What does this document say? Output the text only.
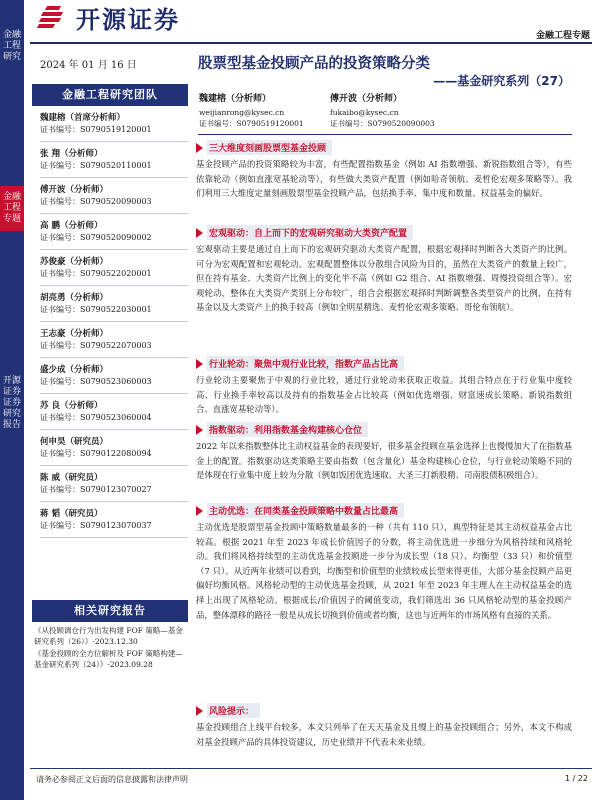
金融工程研究
金融工程专题
开源证券 证券研究报告
开源证券
金融工程专题
2024 年 01 月 16 日
金融工程研究团队
魏建榕（首席分析师）
证书编号：S0790519120001
张 翔（分析师）
证书编号：S0790520110001
傅开波（分析师）
证书编号：S0790520090003
高 鹏（分析师）
证书编号：S0790520090002
苏俊豪（分析师）
证书编号：S0790522020001
胡亮勇（分析师）
证书编号：S0790522030001
王志豪（分析师）
证书编号：S0790522070003
盛少成（分析师）
证书编号：S0790523060003
苏 良（分析师）
证书编号：S0790523060004
何申昊（研究员）
证书编号：S0790122080094
陈 威（研究员）
证书编号：S0790123070027
蒋 韬（研究员）
证书编号：S0790123070037
相关研究报告

《从投顾调仓行为出发构建 FOF 策略—基金研究系列（26）》-2023.12.30

《基金投顾的全方位解析及 FOF 策略构建—基金研究系列（24）》-2023.09.28

股票型基金投顾产品的投资策略分类
——基金研究系列（27）
魏建榕（分析师）
weijianrong@kysec.cn
证书编号：S0790519120001
傅开波（分析师）
fukaibo@kysec.cn
证书编号：S0790520090003
三大维度刻画股票型基金投顾

基金投顾产品的投资策略较为丰富，有些配置指数基金（例如 AI 指数增强、新锐指数组合等），有些依靠轮动（例如直涨宽基轮动等），有些做大类资产配置（例如哈奇领航、麦哲伦宏观多策略等）。我们利用三大维度定量刻画股票型基金投顾产品，包括换手率、集中度和数量、权益基金的偏好。

宏观驱动：自上而下的宏观研究驱动大类资产配置

宏观驱动主要是通过自上而下的宏观研究驱动大类资产配置，根据宏观择时判断各大类资产的比例。可分为宏观配置和宏观轮动。宏观配置整体以分散组合风险为目的，虽然在大类资产的数量上较广，但在持有基金、大类资产比例上的变化半不高（例如 G2 组合、AI 指数增强、周慢投资组合等）。宏观轮动，整体在大类资产类别上分布较广，组合会根据宏观择时判断调整各类型资产的比例，在持有基金以及大类资产上的换手较高（例如全明星精选、麦哲伦宏观多策略、哥伦布领航）。

行业轮动：聚焦中观行业比较，指数产品占比高

行业轮动主要聚焦于中观的行业比较，通过行业轮动来获取正收益。其组合特点在于行业集中度较高、行业换手率较高以及持有的指数基金占比较高（例如优选增强、财富速成长策略、新锐指数组合、直涨宽基轮动等）。

指数驱动：利用指数基金构建核心仓位

2022 年以来指数整体比主动权益基金的表现要好，很多基金投顾在基金选择上也慢慢加大了在指数基金上的配置。指数驱动这类策略主要由指数（包含量化）基金构建核心仓位，与行业轮动策略不同的是体现在行业集中度上较为分散（例如饭团优选速取、大圣三打新股精、司南股债积极组合）。

主动优选：在同类基金投顾策略中数量占比最高

主动优选是股票型基金投顾中策略数量最多的一种（共有 110 只），典型特征是其主动权益基金占比较高。根据 2021 年至 2023 年成长价值因子的分数，将主动优选进一步细分为风格持续和风格轮动。我们将风格持续型的主动优选基金投顾进一步分为成长型（18 只）、均衡型（33 只）和价值型（7 只）。从近两年业绩可以看到，均衡型和价值型的业绩较成长型来得更佳，大部分基金投顾产品更偏好均衡风格。风格轮动型的主动优选基金投顾，从 2021 年至 2023 年主理人在主动权益基金的选择上出现了风格轮动。根据成长/价值因子的阈值变动，我们筛选出 36 只风格轮动型的基金投顾产品，整体漂移的路径一般是从成长切换到价值或者均衡，这也与近两年的市场风格有直接的关系。

风险提示：

基金投顾组合上线平台较多，本文只列举了在天天基金及且慢上的基金投顾组合；另外，本文不构成对基金投顾产品的具体投资建议，历史业绩并不代表未来业绩。

请务必参阅正文后面的信息披露和法律声明	1 / 22
